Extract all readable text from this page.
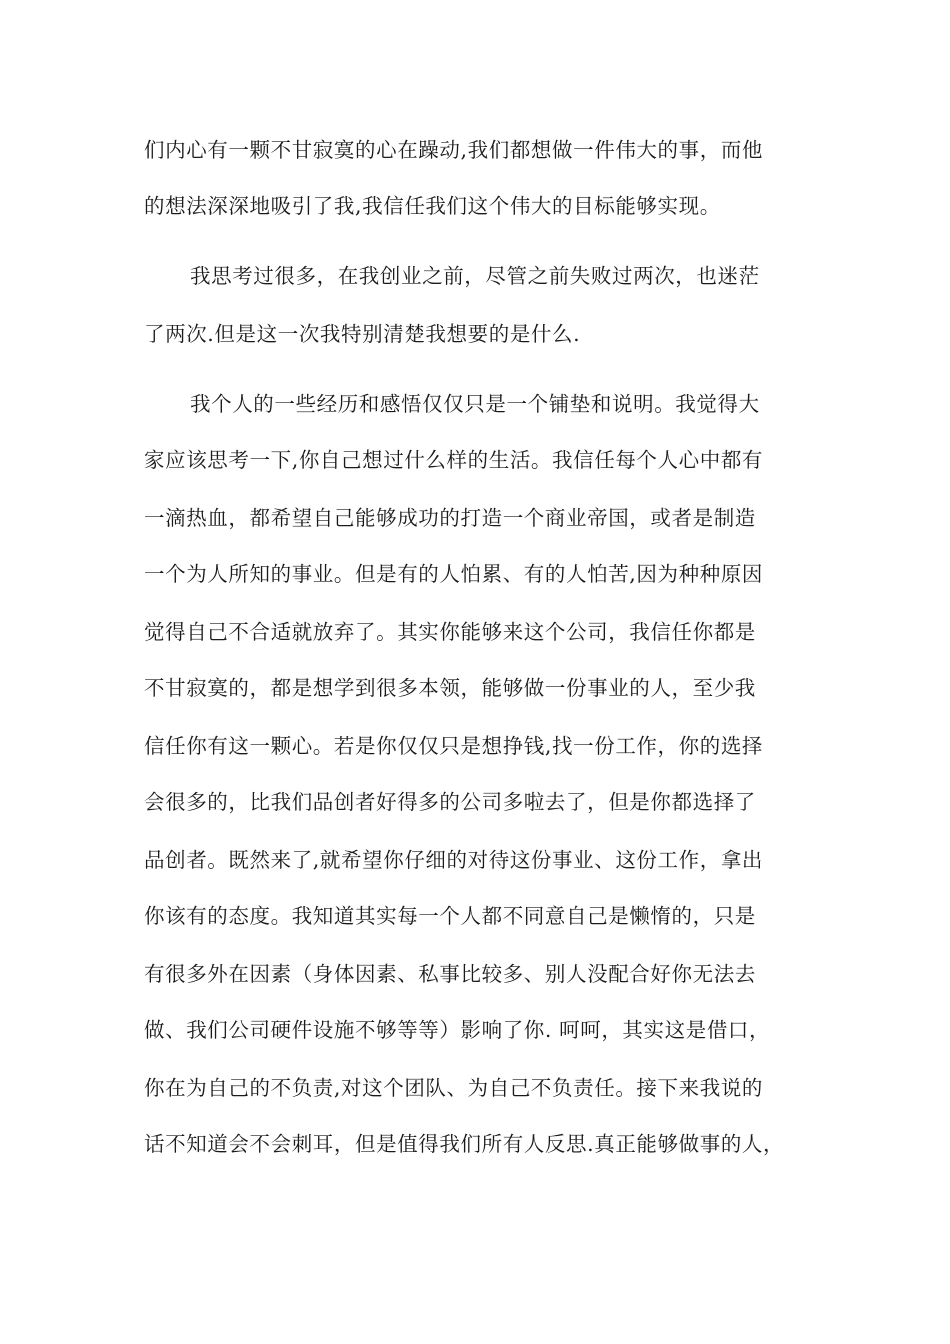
们内心有一颗不甘寂寞的心在躁动,我们都想做一件伟大的事，而他
的想法深深地吸引了我,我信任我们这个伟大的目标能够实现。
我思考过很多，在我创业之前，尽管之前失败过两次，也迷茫
了两次.但是这一次我特别清楚我想要的是什么.
我个人的一些经历和感悟仅仅只是一个铺垫和说明。我觉得大
家应该思考一下,你自己想过什么样的生活。我信任每个人心中都有
一滴热血，都希望自己能够成功的打造一个商业帝国，或者是制造
一个为人所知的事业。但是有的人怕累、有的人怕苦,因为种种原因
觉得自己不合适就放弃了。其实你能够来这个公司，我信任你都是
不甘寂寞的，都是想学到很多本领，能够做一份事业的人，至少我
信任你有这一颗心。若是你仅仅只是想挣钱,找一份工作，你的选择
会很多的，比我们品创者好得多的公司多啦去了，但是你都选择了
品创者。既然来了,就希望你仔细的对待这份事业、这份工作，拿出
你该有的态度。我知道其实每一个人都不同意自己是懒惰的，只是
有很多外在因素（身体因素、私事比较多、别人没配合好你无法去
做、我们公司硬件设施不够等等）影响了你. 呵呵，其实这是借口，
你在为自己的不负责,对这个团队、为自己不负责任。接下来我说的
话不知道会不会刺耳，但是值得我们所有人反思.真正能够做事的人，
